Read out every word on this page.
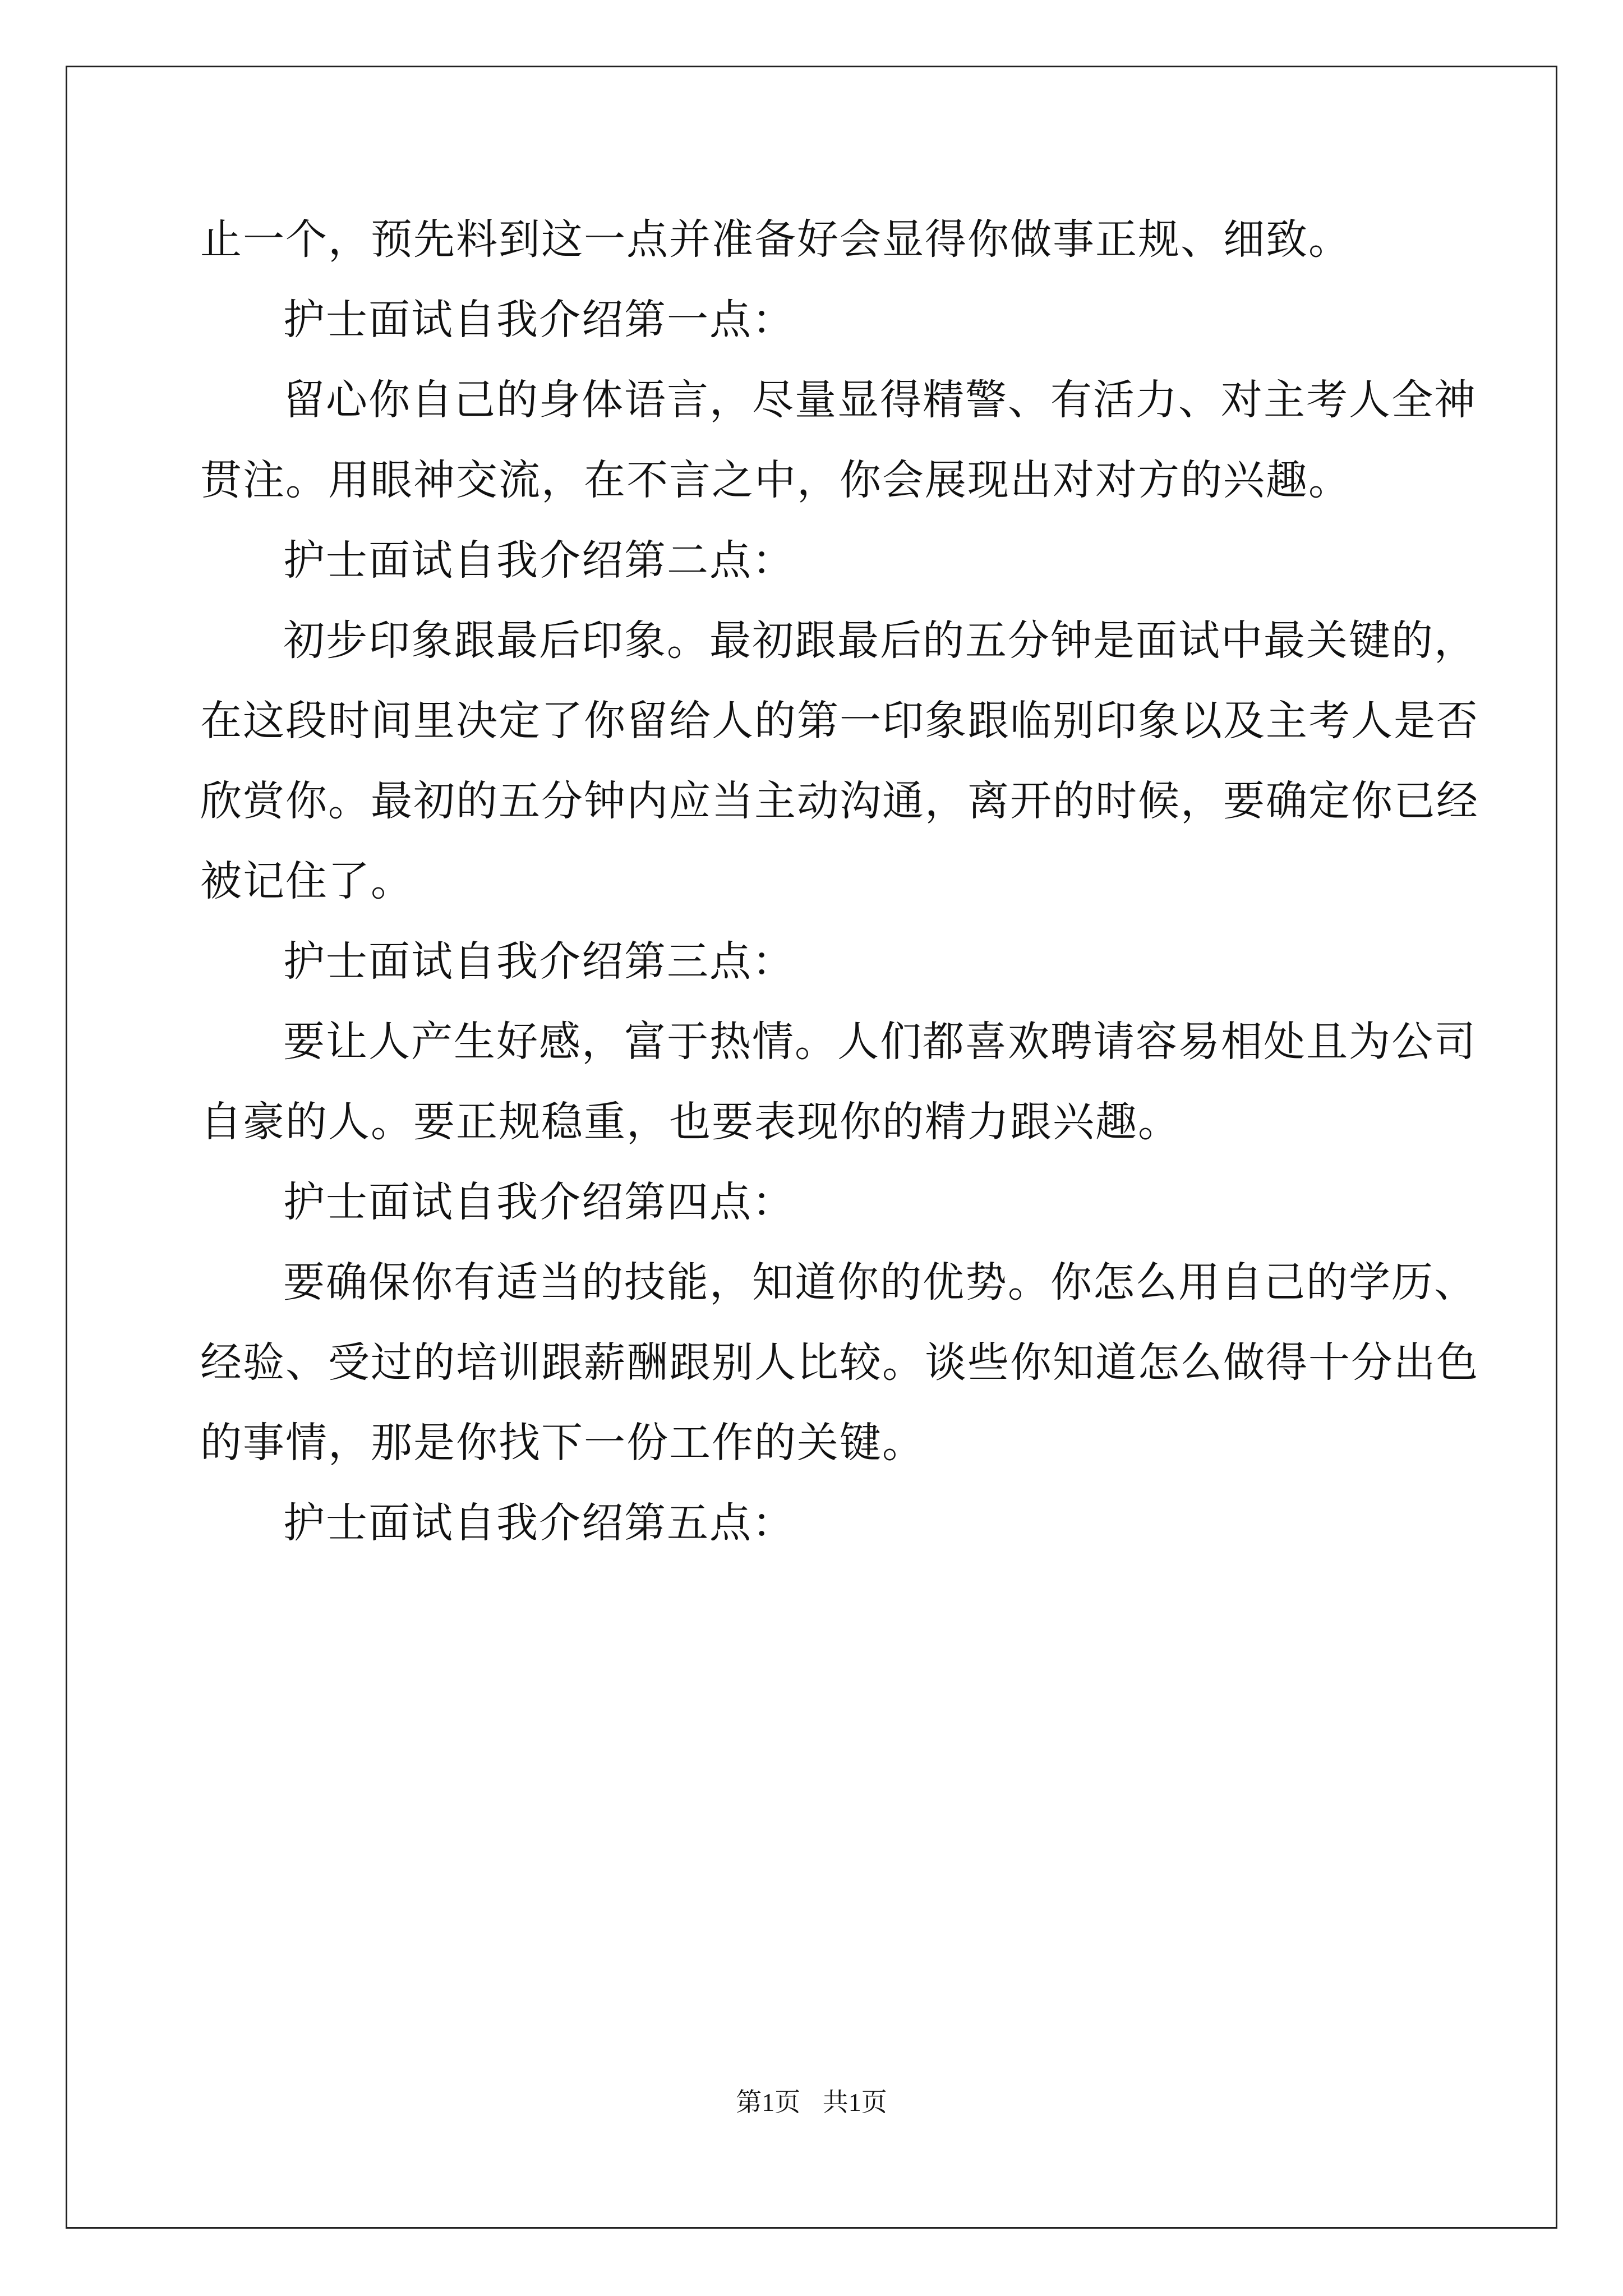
止一个，预先料到这一点并准备好会显得你做事正规、细致。
护士面试自我介绍第一点：
留心你自己的身体语言，尽量显得精警、有活力、对主考人全神
贯注。用眼神交流，在不言之中，你会展现出对对方的兴趣。
护士面试自我介绍第二点：
初步印象跟最后印象。最初跟最后的五分钟是面试中最关键的，
在这段时间里决定了你留给人的第一印象跟临别印象以及主考人是否
欣赏你。最初的五分钟内应当主动沟通，离开的时候，要确定你已经
被记住了。
护士面试自我介绍第三点：
要让人产生好感，富于热情。人们都喜欢聘请容易相处且为公司
自豪的人。要正规稳重，也要表现你的精力跟兴趣。
护士面试自我介绍第四点：
要确保你有适当的技能，知道你的优势。你怎么用自己的学历、
经验、受过的培训跟薪酬跟别人比较。谈些你知道怎么做得十分出色
的事情，那是你找下一份工作的关键。
护士面试自我介绍第五点：
第1页 共1页
